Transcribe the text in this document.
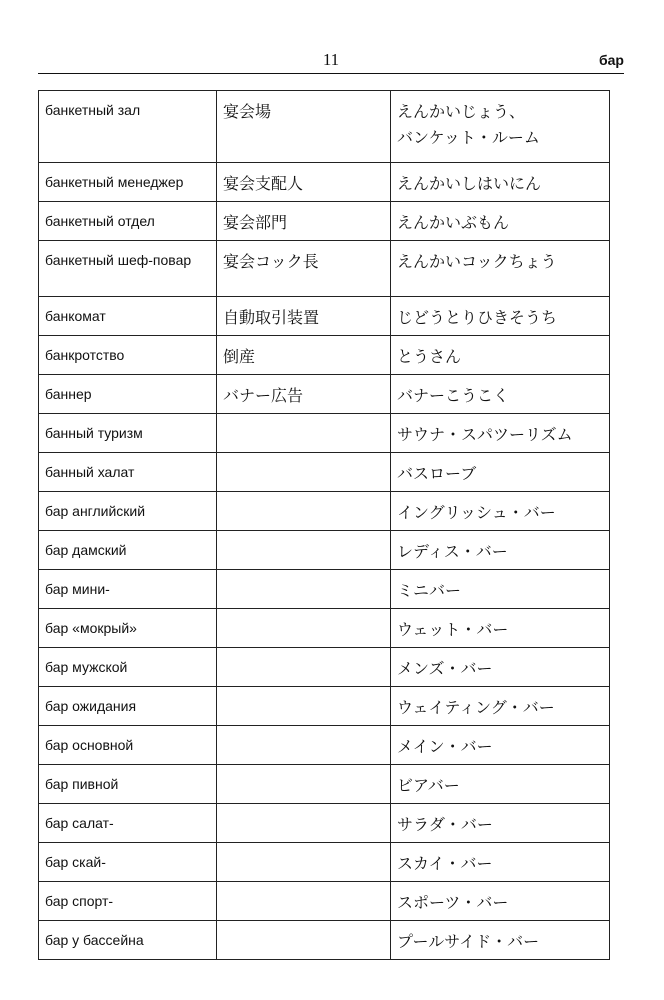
11	бар
банкетный зал	宴会場	えんかいじょう、
バンケット・ルーム

банкетный менеджер	宴会支配人	えんかいしはいにん

банкетный отдел	宴会部門	えんかいぶもん

банкетный шеф-повар	宴会コック長	えんかいコックちょう

банкомат	自動取引装置	じどうとりひきそうち

банкротство	倒産	とうさん

баннер	バナー広告	バナーこうこく

банный туризм		サウナ・スパツーリズム

банный халат		バスローブ

бар английский		イングリッシュ・バー

бар дамский		レディス・バー

бар мини-		ミニバー

бар «мокрый»		ウェット・バー

бар мужской		メンズ・バー

бар ожидания		ウェイティング・バー

бар основной		メイン・バー

бар пивной		ビアバー

бар салат-		サラダ・バー

бар скай-		スカイ・バー

бар спорт-		スポーツ・バー

бар у бассейна		プールサイド・バー
